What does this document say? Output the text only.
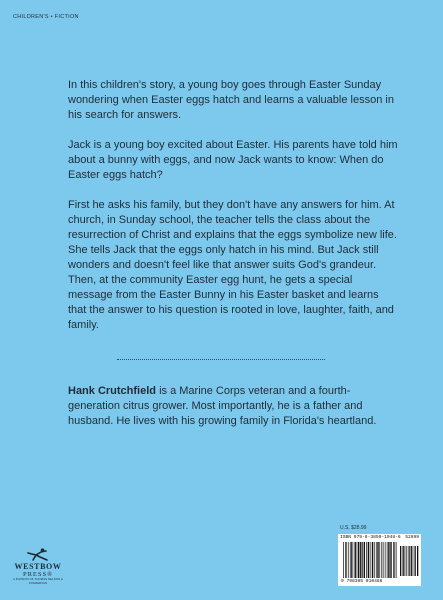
CHILDREN'S • FICTION

In this children's story, a young boy goes through Easter Sunday wondering when Easter eggs hatch and learns a valuable lesson in his search for answers.

Jack is a young boy excited about Easter. His parents have told him about a bunny with eggs, and now Jack wants to know: When do Easter eggs hatch?

First he asks his family, but they don't have any answers for him. At church, in Sunday school, the teacher tells the class about the resurrection of Christ and explains that the eggs symbolize new life. She tells Jack that the eggs only hatch in his mind. But Jack still wonders and doesn't feel like that answer suits God's grandeur. Then, at the community Easter egg hunt, he gets a special message from the Easter Bunny in his Easter basket and learns that the answer to his question is rooted in love, laughter, faith, and family.

Hank Crutchfield is a Marine Corps veteran and a fourth-generation citrus grower. Most importantly, he is a father and husband. He lives with his growing family in Florida's heartland.
WESTBOW
PRESS®
A DIVISION OF THOMAS NELSON & ZONDERVAN
U.S. $28.99
ISBN 979-8-3850-1048-6 52899
9 798385 010486
